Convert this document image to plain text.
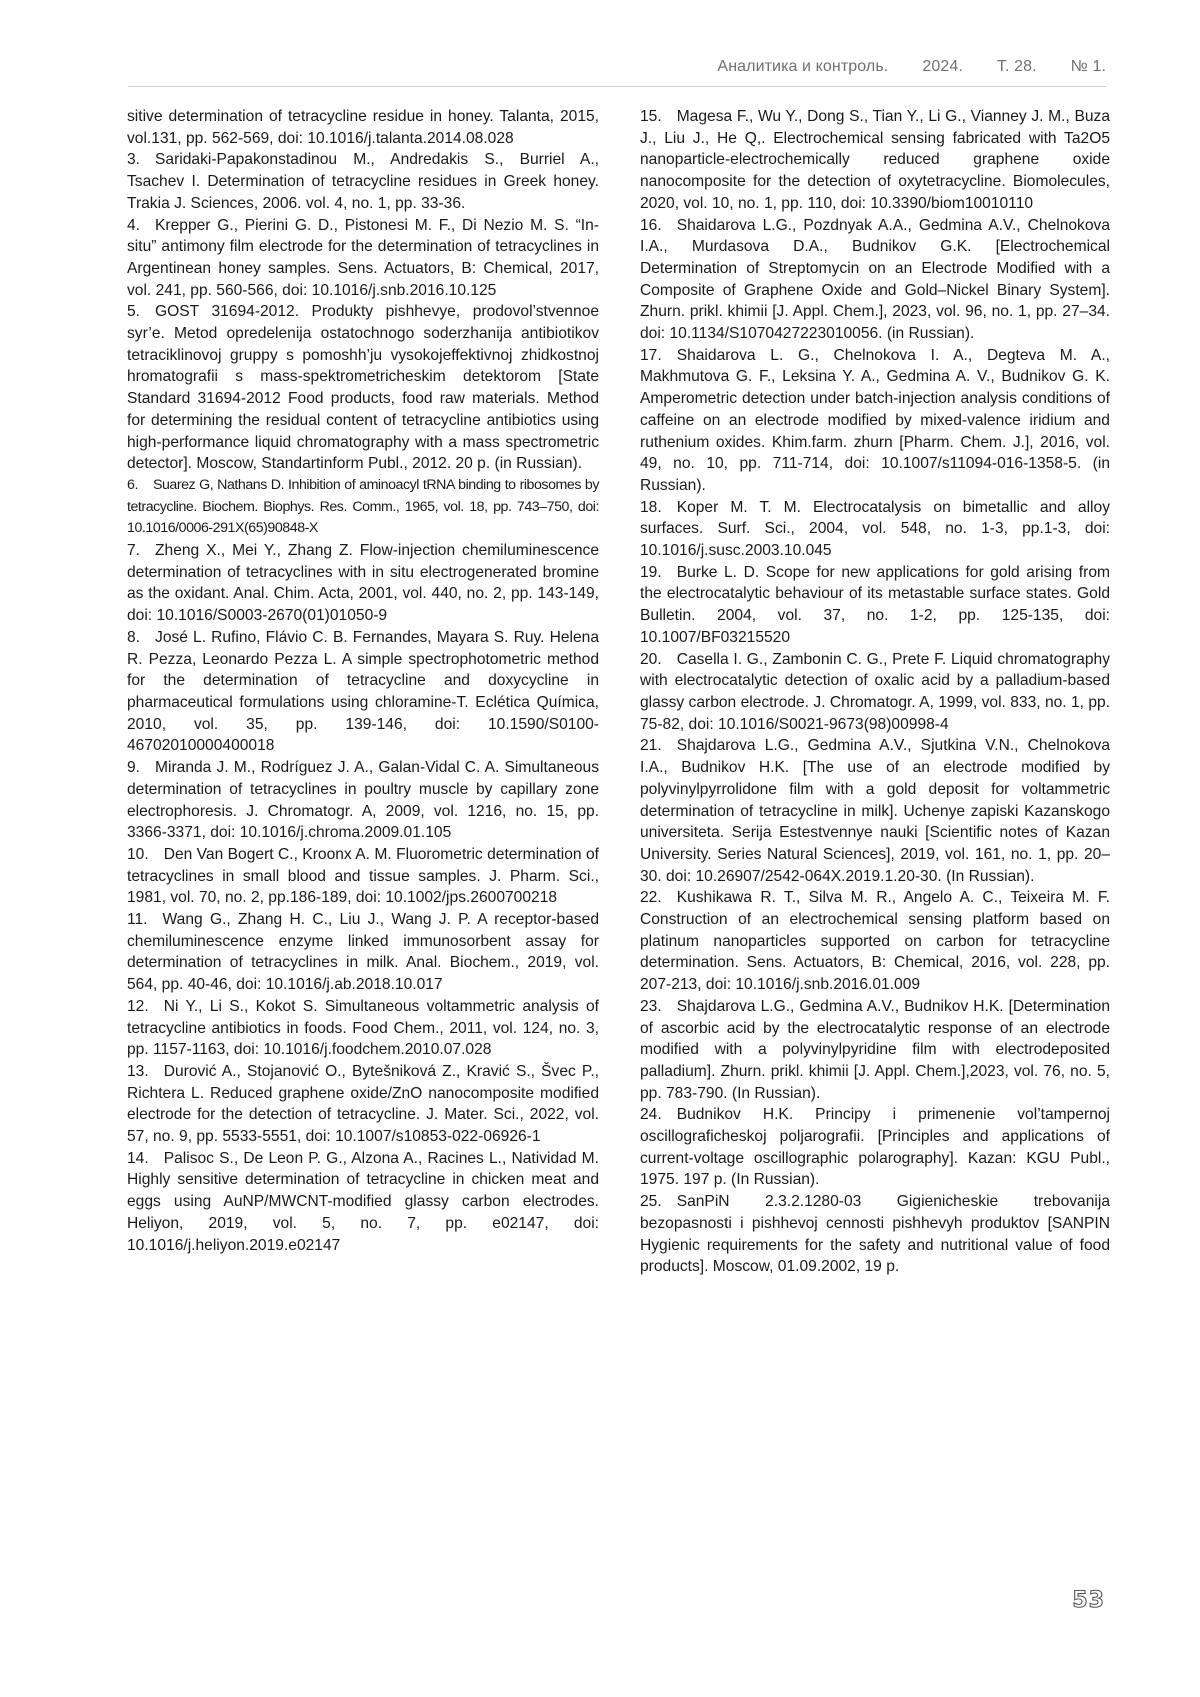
Аналитика и контроль. 2024. Т. 28. № 1.

sitive determination of tetracycline residue in honey. Talanta, 2015, vol.131, pp. 562-569, doi: 10.1016/j.talanta.2014.08.028

3. Saridaki-Papakonstadinou M., Andredakis S., Burriel A., Tsachev I. Determination of tetracycline residues in Greek honey. Trakia J. Sciences, 2006. vol. 4, no. 1, pp. 33-36.

4. Krepper G., Pierini G. D., Pistonesi M. F., Di Nezio M. S. “In-situ” antimony film electrode for the determination of tetracyclines in Argentinean honey samples. Sens. Actuators, B: Chemical, 2017, vol. 241, pp. 560-566, doi: 10.1016/j.snb.2016.10.125

5. GOST 31694-2012. Produkty pishhevye, prodovol’stvennoe syr’e. Metod opredelenija ostatochnogo soderzhanija antibiotikov tetraciklinovoj gruppy s pomoshh’ju vysokojeffektivnoj zhidkostnoj hromatografii s mass-spektrometricheskim detektorom [State Standard 31694-2012 Food products, food raw materials. Method for determining the residual content of tetracycline antibiotics using high-performance liquid chromatography with a mass spectrometric detector]. Moscow, Standartinform Publ., 2012. 20 p. (in Russian).

6. Suarez G, Nathans D. Inhibition of aminoacyl tRNA binding to ribosomes by tetracycline. Biochem. Biophys. Res. Comm., 1965, vol. 18, pp. 743–750, doi: 10.1016/0006-291X(65)90848-X

7. Zheng X., Mei Y., Zhang Z. Flow-injection chemiluminescence determination of tetracyclines with in situ electrogenerated bromine as the oxidant. Anal. Chim. Acta, 2001, vol. 440, no. 2, pp. 143-149, doi: 10.1016/S0003-2670(01)01050-9

8. José L. Rufino, Flávio C. B. Fernandes, Mayara S. Ruy. Helena R. Pezza, Leonardo Pezza L. A simple spectrophotometric method for the determination of tetracycline and doxycycline in pharmaceutical formulations using chloramine-T. Eclética Química, 2010, vol. 35, pp. 139-146, doi: 10.1590/S0100-46702010000400018

9. Miranda J. M., Rodríguez J. A., Galan-Vidal C. A. Simultaneous determination of tetracyclines in poultry muscle by capillary zone electrophoresis. J. Chromatogr. A, 2009, vol. 1216, no. 15, pp. 3366-3371, doi: 10.1016/j.chroma.2009.01.105

10. Den Van Bogert C., Kroonx A. M. Fluorometric determination of tetracyclines in small blood and tissue samples. J. Pharm. Sci., 1981, vol. 70, no. 2, pp.186-189, doi: 10.1002/jps.2600700218

11. Wang G., Zhang H. C., Liu J., Wang J. P. A receptor-based chemiluminescence enzyme linked immunosorbent assay for determination of tetracyclines in milk. Anal. Biochem., 2019, vol. 564, pp. 40-46, doi: 10.1016/j.ab.2018.10.017

12. Ni Y., Li S., Kokot S. Simultaneous voltammetric analysis of tetracycline antibiotics in foods. Food Chem., 2011, vol. 124, no. 3, pp. 1157-1163, doi: 10.1016/j.foodchem.2010.07.028

13. Durović A., Stojanović O., Bytešniková Z., Kravić S., Švec P., Richtera L. Reduced graphene oxide/ZnO nanocomposite modified electrode for the detection of tetracycline. J. Mater. Sci., 2022, vol. 57, no. 9, pp. 5533-5551, doi: 10.1007/s10853-022-06926-1

14. Palisoc S., De Leon P. G., Alzona A., Racines L., Natividad M. Highly sensitive determination of tetracycline in chicken meat and eggs using AuNP/MWCNT-modified glassy carbon electrodes. Heliyon, 2019, vol. 5, no. 7, pp. e02147, doi: 10.1016/j.heliyon.2019.e02147

15. Magesa F., Wu Y., Dong S., Tian Y., Li G., Vianney J. M., Buza J., Liu J., He Q,. Electrochemical sensing fabricated with Ta2O5 nanoparticle-electrochemically reduced graphene oxide nanocomposite for the detection of oxytetracycline. Biomolecules, 2020, vol. 10, no. 1, pp. 110, doi: 10.3390/biom10010110

16. Shaidarova L.G., Pozdnyak A.A., Gedmina A.V., Chelnokova I.A., Murdasova D.A., Budnikov G.K. [Electrochemical Determination of Streptomycin on an Electrode Modified with a Composite of Graphene Oxide and Gold–Nickel Binary System]. Zhurn. prikl. khimii [J. Appl. Chem.], 2023, vol. 96, no. 1, pp. 27–34. doi: 10.1134/S1070427223010056. (in Russian).

17. Shaidarova L. G., Chelnokova I. A., Degteva M. A., Makhmutova G. F., Leksina Y. A., Gedmina A. V., Budnikov G. K. Amperometric detection under batch-injection analysis conditions of caffeine on an electrode modified by mixed-valence iridium and ruthenium oxides. Khim.farm. zhurn [Pharm. Chem. J.], 2016, vol. 49, no. 10, pp. 711-714, doi: 10.1007/s11094-016-1358-5. (in Russian).

18. Koper M. T. M. Electrocatalysis on bimetallic and alloy surfaces. Surf. Sci., 2004, vol. 548, no. 1-3, pp.1-3, doi: 10.1016/j.susc.2003.10.045

19. Burke L. D. Scope for new applications for gold arising from the electrocatalytic behaviour of its metastable surface states. Gold Bulletin. 2004, vol. 37, no. 1-2, pp. 125-135, doi: 10.1007/BF03215520

20. Casella I. G., Zambonin C. G., Prete F. Liquid chromatography with electrocatalytic detection of oxalic acid by a palladium-based glassy carbon electrode. J. Chromatogr. A, 1999, vol. 833, no. 1, pp. 75-82, doi: 10.1016/S0021-9673(98)00998-4

21. Shajdarova L.G., Gedmina A.V., Sjutkina V.N., Chelnokova I.A., Budnikov H.K. [The use of an electrode modified by polyvinylpyrrolidone film with a gold deposit for voltammetric determination of tetracycline in milk]. Uchenye zapiski Kazanskogo universiteta. Serija Estestvennye nauki [Scientific notes of Kazan University. Series Natural Sciences], 2019, vol. 161, no. 1, pp. 20–30. doi: 10.26907/2542-064X.2019.1.20-30. (In Russian).

22. Kushikawa R. T., Silva M. R., Angelo A. C., Teixeira M. F. Construction of an electrochemical sensing platform based on platinum nanoparticles supported on carbon for tetracycline determination. Sens. Actuators, B: Chemical, 2016, vol. 228, pp. 207-213, doi: 10.1016/j.snb.2016.01.009

23. Shajdarova L.G., Gedmina A.V., Budnikov H.K. [Determination of ascorbic acid by the electrocatalytic response of an electrode modified with a polyvinylpyridine film with electrodeposited palladium]. Zhurn. prikl. khimii [J. Appl. Chem.],2023, vol. 76, no. 5, pp. 783-790. (In Russian).

24. Budnikov H.K. Principy i primenenie vol’tampernoj oscillograficheskoj poljarografii. [Principles and applications of current-voltage oscillographic polarography]. Kazan: KGU Publ., 1975. 197 p. (In Russian).

25. SanPiN 2.3.2.1280-03 Gigienicheskie trebovanija bezopasnosti i pishhevoj cennosti pishhevyh produktov [SANPIN Hygienic requirements for the safety and nutritional value of food products]. Moscow, 01.09.2002, 19 p.

53
